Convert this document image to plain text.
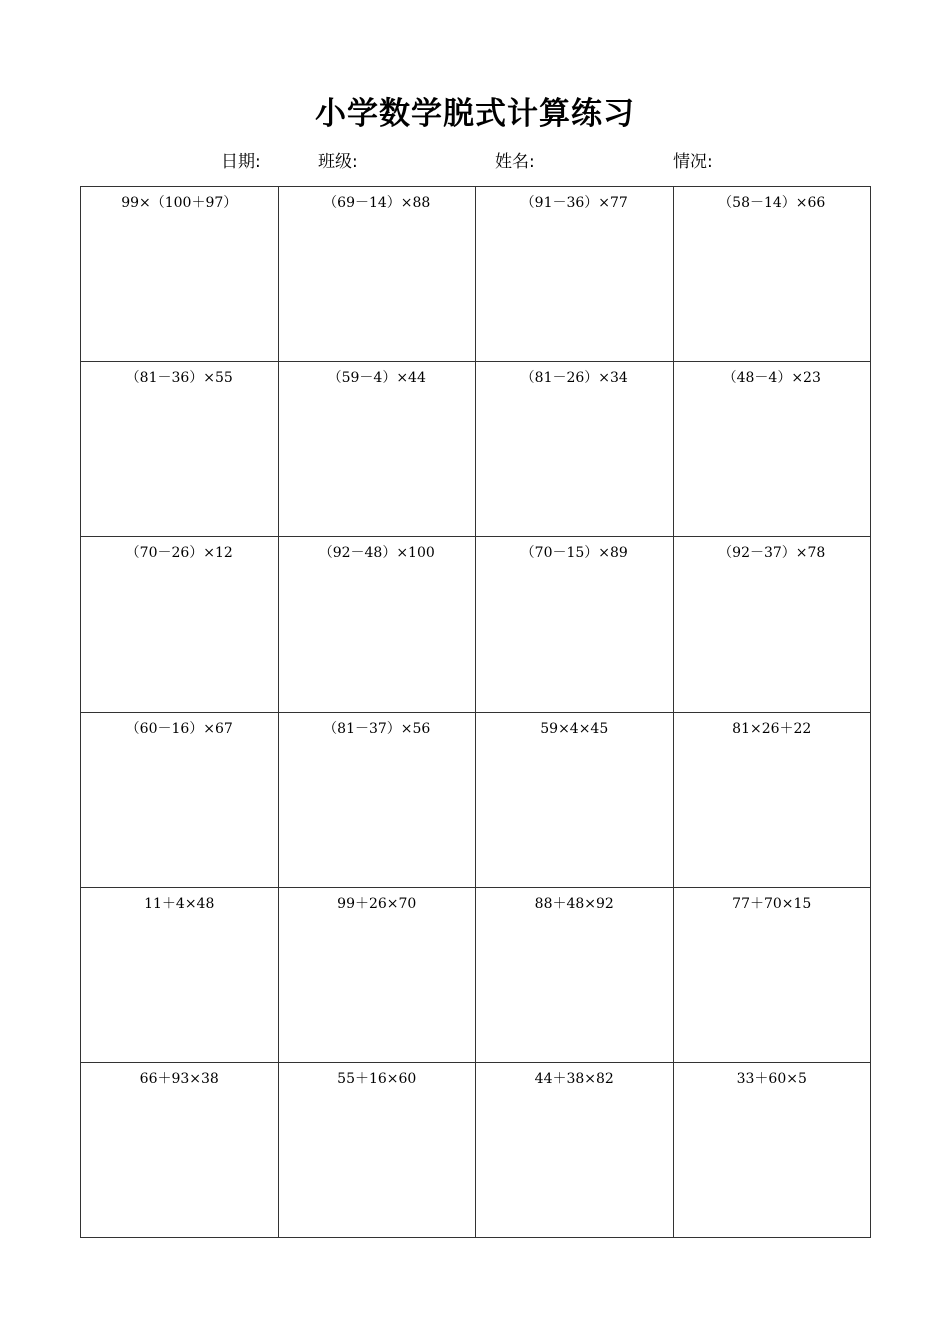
小学数学脱式计算练习
日期:	班级:	姓名:	情况:
99×（100＋97）	（69－14）×88	（91－36）×77	（58－14）×66
（81－36）×55	（59－4）×44	（81－26）×34	（48－4）×23
（70－26）×12	（92－48）×100	（70－15）×89	（92－37）×78
（60－16）×67	（81－37）×56	59×4×45	81×26＋22
11＋4×48	99＋26×70	88＋48×92	77＋70×15
66＋93×38	55＋16×60	44＋38×82	33＋60×5
